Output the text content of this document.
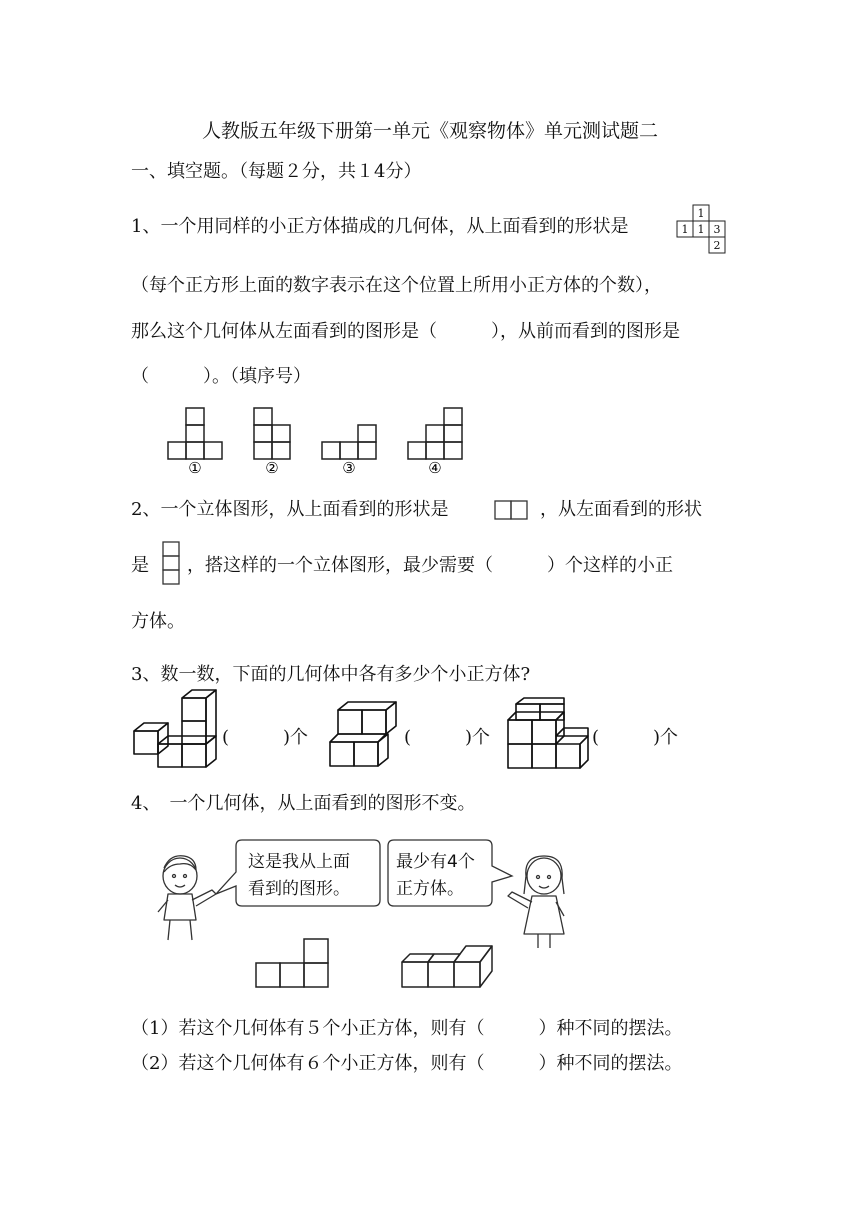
人教版五年级下册第一单元《观察物体》单元测试题二
一、填空题。（每题２分，共１4分）
1、一个用同样的小正方体描成的几何体，从上面看到的形状是
1
1 1 3
2
（每个正方形上面的数字表示在这个位置上所用小正方体的个数），
那么这个几何体从左面看到的图形是（　　　），从前而看到的图形是
（　　　）。（填序号）
①	②	③	④
2、一个立体图形，从上面看到的形状是	，从左面看到的形状
是 ，搭这样的一个立体图形，最少需要（　　　）个这样的小正
方体。
3、数一数，下面的几何体中各有多少个小正方体?
(　　　)个	(　　　)个	(　　　)个
4、　一个几何体，从上面看到的图形不变。
这是我从上面
看到的图形。
最少有4个
正方体。
（1）若这个几何体有５个小正方体，则有（　　　）种不同的摆法。
（2）若这个几何体有６个小正方体，则有（　　　）种不同的摆法。
